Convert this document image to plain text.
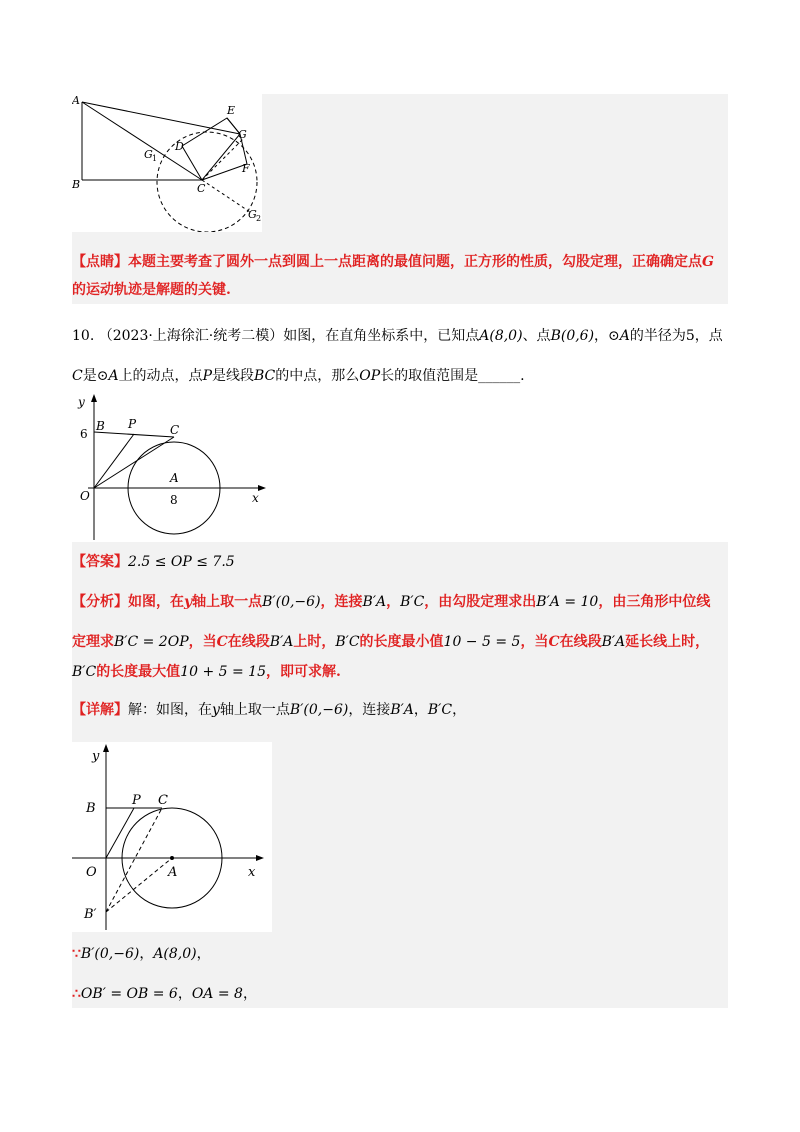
A
B	C
D
E
G
F
G 1
G 2
【点睛】本题主要考查了圆外一点到圆上一点距离的最值问题，正方形的性质，勾股定理，正确确定点G
的运动轨迹是解题的关键.
10. （2023·上海徐汇·统考二模）如图，在直角坐标系中，已知点A(8,0)、点B(0,6)，⊙A的半径为5，点
C是⊙A上的动点，点P是线段BC的中点，那么OP长的取值范围是______.
y
6
B P	C
A
8
O	x
【答案】2.5 ≤ OP ≤ 7.5
【分析】如图，在y轴上取一点B′(0,−6)，连接B′A，B′C，由勾股定理求出B′A = 10，由三角形中位线
定理求B′C = 2OP，当C在线段B′A上时，B′C的长度最小值10 − 5 = 5，当C在线段B′A延长线上时，
B′C的长度最大值10 + 5 = 15，即可求解.
【详解】解：如图，在y轴上取一点B′(0,−6)，连接B′A，B′C，
y
B
P C
O	A	x
B′
∵B′(0,−6)，A(8,0)，
∴OB′ = OB = 6，OA = 8，
